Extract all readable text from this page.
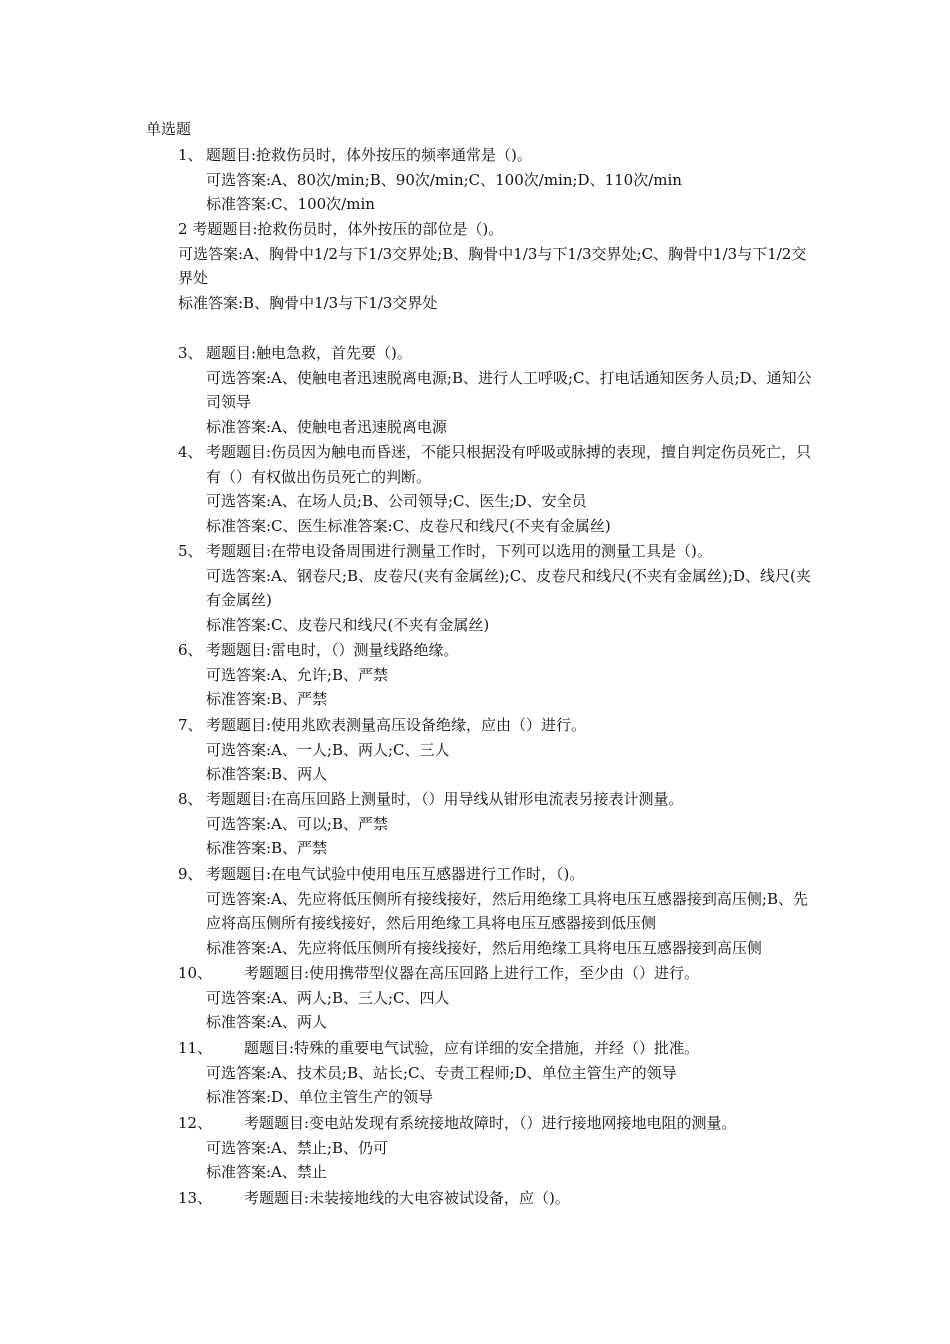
单选题
1、 题题目:抢救伤员时，体外按压的频率通常是（)。
可选答案:A、80次/min;B、90次/min;C、100次/min;D、110次/min
标准答案:C、100次/min
2 考题题目:抢救伤员时，体外按压的部位是（)。
可选答案:A、胸骨中1/2与下1/3交界处;B、胸骨中1/3与下1/3交界处;C、胸骨中1/3与下1/2交界处
标准答案:B、胸骨中1/3与下1/3交界处
3、 题题目:触电急救，首先要（)。
可选答案:A、使触电者迅速脱离电源;B、进行人工呼吸;C、打电话通知医务人员;D、通知公司领导
标准答案:A、使触电者迅速脱离电源
4、 考题题目:伤员因为触电而昏迷，不能只根据没有呼吸或脉搏的表现，擅自判定伤员死亡，只有（）有权做出伤员死亡的判断。
可选答案:A、在场人员;B、公司领导;C、医生;D、安全员
标准答案:C、医生标准答案:C、皮卷尺和线尺(不夹有金属丝)
5、 考题题目:在带电设备周围进行测量工作时，下列可以选用的测量工具是（)。
可选答案:A、钢卷尺;B、皮卷尺(夹有金属丝);C、皮卷尺和线尺(不夹有金属丝);D、线尺(夹有金属丝)
标准答案:C、皮卷尺和线尺(不夹有金属丝)
6、 考题题目:雷电时，（）测量线路绝缘。
可选答案:A、允许;B、严禁
标准答案:B、严禁
7、 考题题目:使用兆欧表测量高压设备绝缘，应由（）进行。
可选答案:A、一人;B、两人;C、三人
标准答案:B、两人
8、 考题题目:在高压回路上测量时，（）用导线从钳形电流表另接表计测量。
可选答案:A、可以;B、严禁
标准答案:B、严禁
9、 考题题目:在电气试验中使用电压互感器进行工作时，（)。
可选答案:A、先应将低压侧所有接线接好，然后用绝缘工具将电压互感器接到高压侧;B、先应将高压侧所有接线接好，然后用绝缘工具将电压互感器接到低压侧
标准答案:A、先应将低压侧所有接线接好，然后用绝缘工具将电压互感器接到高压侧
10、 考题题目:使用携带型仪器在高压回路上进行工作，至少由（）进行。
可选答案:A、两人;B、三人;C、四人
标准答案:A、两人
11、 题题目:特殊的重要电气试验，应有详细的安全措施，并经（）批准。
可选答案:A、技术员;B、站长;C、专责工程师;D、单位主管生产的领导
标准答案:D、单位主管生产的领导
12、 考题题目:变电站发现有系统接地故障时，（）进行接地网接地电阻的测量。
可选答案:A、禁止;B、仍可
标准答案:A、禁止
13、 考题题目:未装接地线的大电容被试设备，应（)。
